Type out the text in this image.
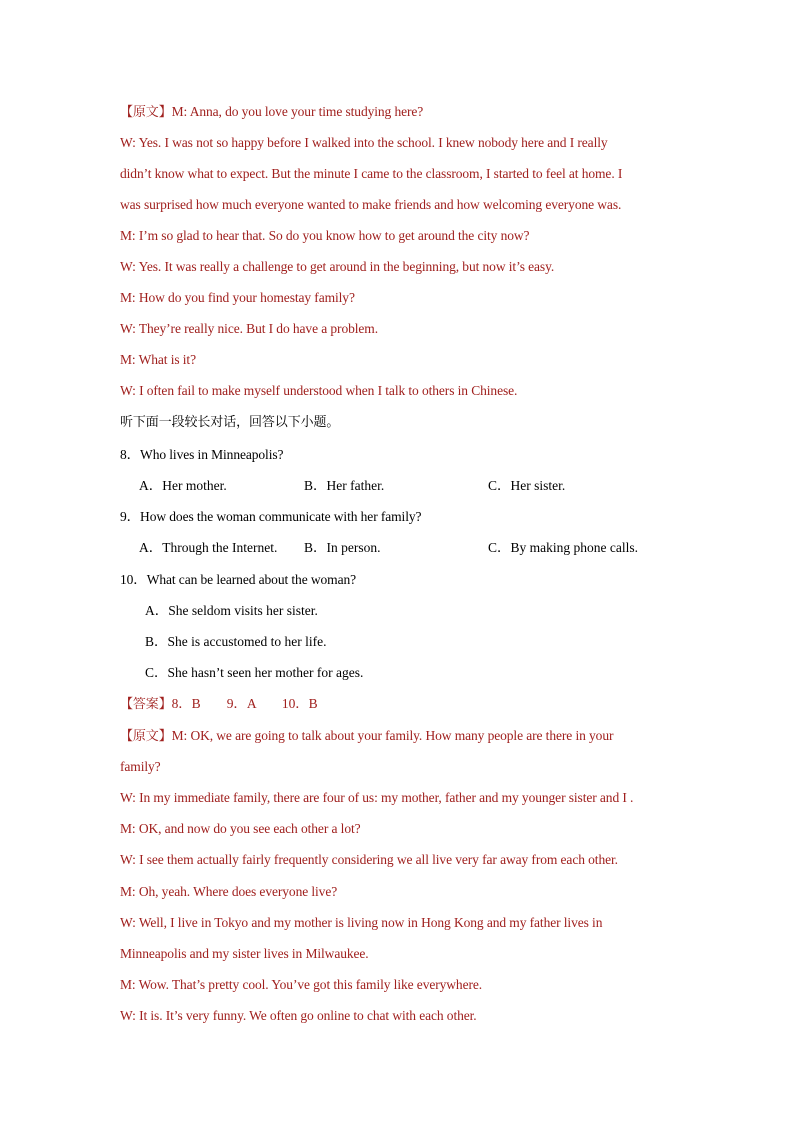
【原文】M: Anna, do you love your time studying here?
W: Yes. I was not so happy before I walked into the school. I knew nobody here and I really
didn’t know what to expect. But the minute I came to the classroom, I started to feel at home. I
was surprised how much everyone wanted to make friends and how welcoming everyone was.
M: I’m so glad to hear that. So do you know how to get around the city now?
W: Yes. It was really a challenge to get around in the beginning, but now it’s easy.
M: How do you find your homestay family?
W: They’re really nice. But I do have a problem.
M: What is it?
W: I often fail to make myself understood when I talk to others in Chinese.
听下面一段较长对话，回答以下小题。
8．Who lives in Minneapolis?
A．Her mother.	B．Her father.	C．Her sister.
9．How does the woman communicate with her family?
A．Through the Internet. B．In person.	C．By making phone calls.
10．What can be learned about the woman?
A．She seldom visits her sister.
B．She is accustomed to her life.
C．She hasn’t seen her mother for ages.
【答案】8．B        9．A        10．B
【原文】M: OK, we are going to talk about your family. How many people are there in your
family?
W: In my immediate family, there are four of us: my mother, father and my younger sister and I .
M: OK, and now do you see each other a lot?
W: I see them actually fairly frequently considering we all live very far away from each other.
M: Oh, yeah. Where does everyone live?
W: Well, I live in Tokyo and my mother is living now in Hong Kong and my father lives in
Minneapolis and my sister lives in Milwaukee.
M: Wow. That’s pretty cool. You’ve got this family like everywhere.
W: It is. It’s very funny. We often go online to chat with each other.
